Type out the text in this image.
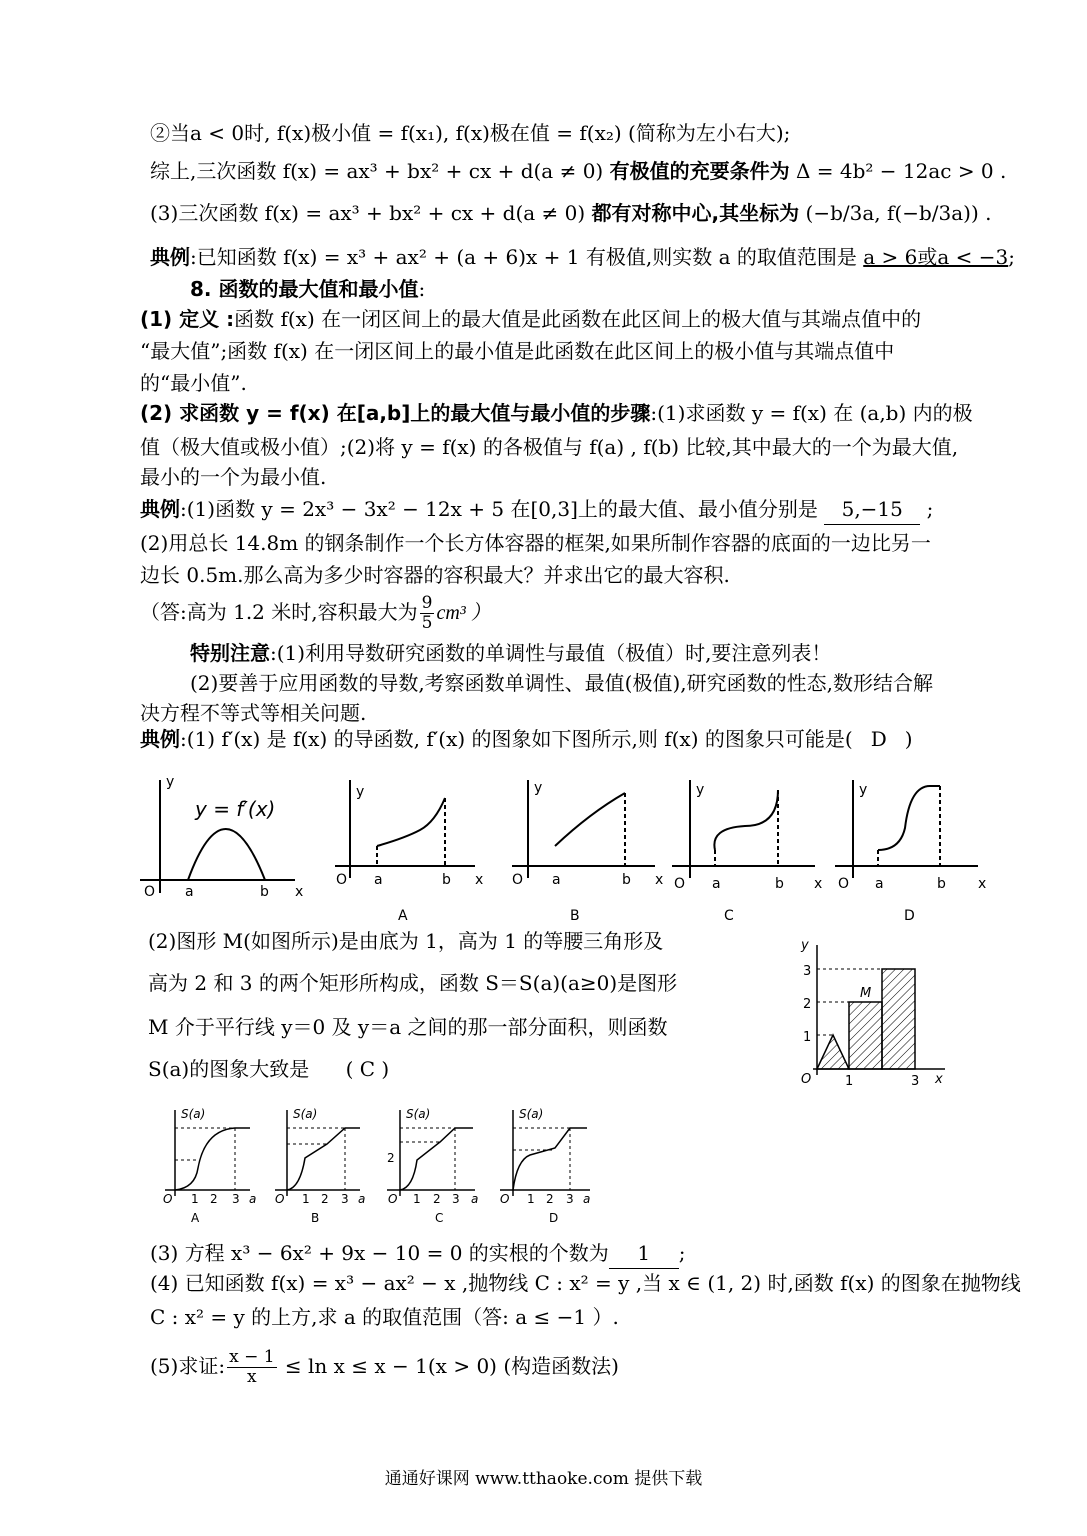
②当a < 0时, f(x)极小值 = f(x₁), f(x)极在值 = f(x₂) (简称为左小右大);
综上,三次函数 f(x) = ax³ + bx² + cx + d(a ≠ 0) 有极值的充要条件为 Δ = 4b² − 12ac > 0 .
(3)三次函数 f(x) = ax³ + bx² + cx + d(a ≠ 0) 都有对称中心,其坐标为 (−b/3a, f(−b/3a)) .
典例:已知函数 f(x) = x³ + ax² + (a + 6)x + 1 有极值,则实数 a 的取值范围是 a > 6或a < −3;
8. 函数的最大值和最小值:
(1) 定义 :函数 f(x) 在一闭区间上的最大值是此函数在此区间上的极大值与其端点值中的
“最大值”;函数 f(x) 在一闭区间上的最小值是此函数在此区间上的极小值与其端点值中
的“最小值”.
(2) 求函数 y = f(x) 在[a,b]上的最大值与最小值的步骤:(1)求函数 y = f(x) 在 (a,b) 内的极
值（极大值或极小值）;(2)将 y = f(x) 的各极值与 f(a) , f(b) 比较,其中最大的一个为最大值,
最小的一个为最小值.
典例:(1)函数 y = 2x³ − 3x² − 12x + 5 在[0,3]上的最大值、最小值分别是 5,−15 ;
(2)用总长 14.8m 的钢条制作一个长方体容器的框架,如果所制作容器的底面的一边比另一
边长 0.5m.那么高为多少时容器的容积最大？并求出它的最大容积.
（答:高为 1.2 米时,容积最大为 $\frac{9}{5} cm^3$ ）
特别注意:(1)利用导数研究函数的单调性与最值（极值）时,要注意列表！
(2)要善于应用函数的导数,考察函数单调性、最值(极值),研究函数的性态,数形结合解
决方程不等式等相关问题.
典例:(1) f′(x) 是 f(x) 的导函数, f′(x) 的图象如下图所示,则 f(x) 的图象只可能是( D )
y
y = f′(x)
O a	b x
y
O a	b x
A
y
O a	b x
B
y
O a	b x
C
y
O a	b x
D
(2)图形 M(如图所示)是由底为 1，高为 1 的等腰三角形及
高为 2 和 3 的两个矩形所构成，函数 S＝S(a)(a≥0)是图形
M 介于平行线 y＝0 及 y＝a 之间的那一部分面积，则函数
S(a)的图象大致是 ( C )
y
3
2
1
O	1	3 x
M
S(a)
O 1 2 3 a
A
S(a)
O 1 2 3 a
B
S(a)
2
O 1 2 3 a
C
S(a)
O 1 2 3 a
D
(3) 方程 x³ − 6x² + 9x − 10 = 0 的实根的个数为 1 ;
(4) 已知函数 f(x) = x³ − ax² − x ,抛物线 C : x² = y ,当 x ∈ (1, 2) 时,函数 f(x) 的图象在抛物线
C : x² = y 的上方,求 a 的取值范围（答: a ≤ −1 ）.
(5)求证: $\frac{x - 1}{x} \le \ln x \le x - 1(x > 0)$ (构造函数法)
通通好课网 www.tthaoke.com 提供下载
